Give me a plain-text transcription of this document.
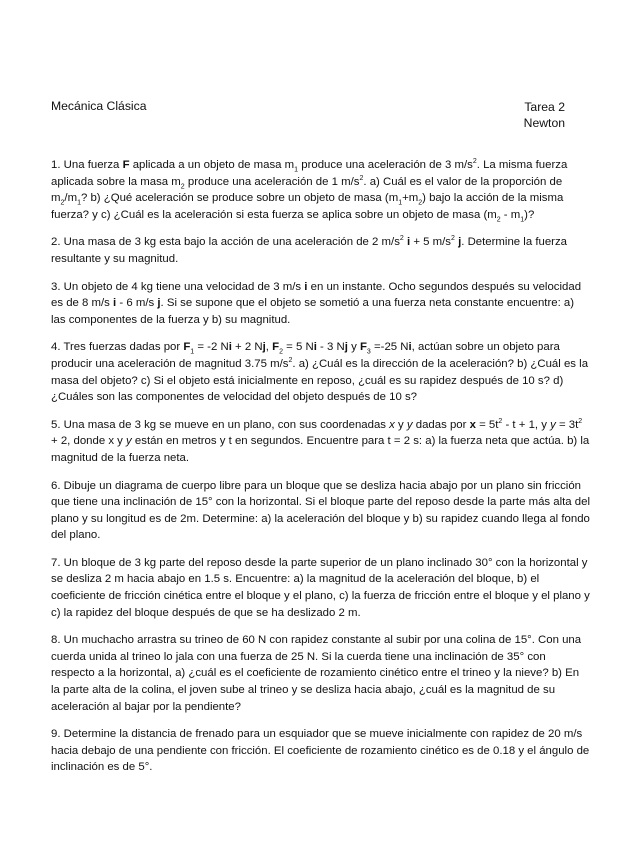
Mecánica Clásica	Tarea 2
Newton

1. Una fuerza F aplicada a un objeto de masa $m_1$ produce una aceleración de 3 $m/s^2$. La misma fuerza aplicada sobre la masa $m_2$ produce una aceleración de 1 $m/s^2$. a) Cuál es el valor de la proporción de $m_2/m_1$? b) ¿Qué aceleración se produce sobre un objeto de masa $(m_1+m_2)$ bajo la acción de la misma fuerza? y c) ¿Cuál es la aceleración si esta fuerza se aplica sobre un objeto de masa $(m_2 - m_1)$?

2. Una masa de 3 kg esta bajo la acción de una aceleración de 2 $m/s^2$ i + 5 $m/s^2$ j. Determine la fuerza resultante y su magnitud.

3. Un objeto de 4 kg tiene una velocidad de 3 m/s i en un instante. Ocho segundos después su velocidad es de 8 m/s i - 6 m/s j. Si se supone que el objeto se sometió a una fuerza neta constante encuentre: a) las componentes de la fuerza y b) su magnitud.

4. Tres fuerzas dadas por $F_1 = -2$ Ni + 2 Nj, $F_2 = 5$ Ni - 3 Nj y $F_3 =-25$ Ni, actúan sobre un objeto para producir una aceleración de magnitud 3.75 $m/s^2$. a) ¿Cuál es la dirección de la aceleración? b) ¿Cuál es la masa del objeto? c) Si el objeto está inicialmente en reposo, ¿cuál es su rapidez después de 10 s? d) ¿Cuáles son las componentes de velocidad del objeto después de 10 s?

5. Una masa de 3 kg se mueve en un plano, con sus coordenadas x y y dadas por $x = 5t^2 - t + 1$, y $y = 3t^2 + 2$, donde x y y están en metros y t en segundos. Encuentre para t = 2 s: a) la fuerza neta que actúa. b) la magnitud de la fuerza neta.

6. Dibuje un diagrama de cuerpo libre para un bloque que se desliza hacia abajo por un plano sin fricción que tiene una inclinación de 15° con la horizontal. Si el bloque parte del reposo desde la parte más alta del plano y su longitud es de 2m. Determine: a) la aceleración del bloque y b) su rapidez cuando llega al fondo del plano.

7. Un bloque de 3 kg parte del reposo desde la parte superior de un plano inclinado 30° con la horizontal y se desliza 2 m hacia abajo en 1.5 s. Encuentre: a) la magnitud de la aceleración del bloque, b) el coeficiente de fricción cinética entre el bloque y el plano, c) la fuerza de fricción entre el bloque y el plano y c) la rapidez del bloque después de que se ha deslizado 2 m.

8. Un muchacho arrastra su trineo de 60 N con rapidez constante al subir por una colina de 15°. Con una cuerda unida al trineo lo jala con una fuerza de 25 N. Si la cuerda tiene una inclinación de 35° con respecto a la horizontal, a) ¿cuál es el coeficiente de rozamiento cinético entre el trineo y la nieve? b) En la parte alta de la colina, el joven sube al trineo y se desliza hacia abajo, ¿cuál es la magnitud de su aceleración al bajar por la pendiente?

9. Determine la distancia de frenado para un esquiador que se mueve inicialmente con rapidez de 20 m/s hacia debajo de una pendiente con fricción. El coeficiente de rozamiento cinético es de 0.18 y el ángulo de inclinación es de 5°.
